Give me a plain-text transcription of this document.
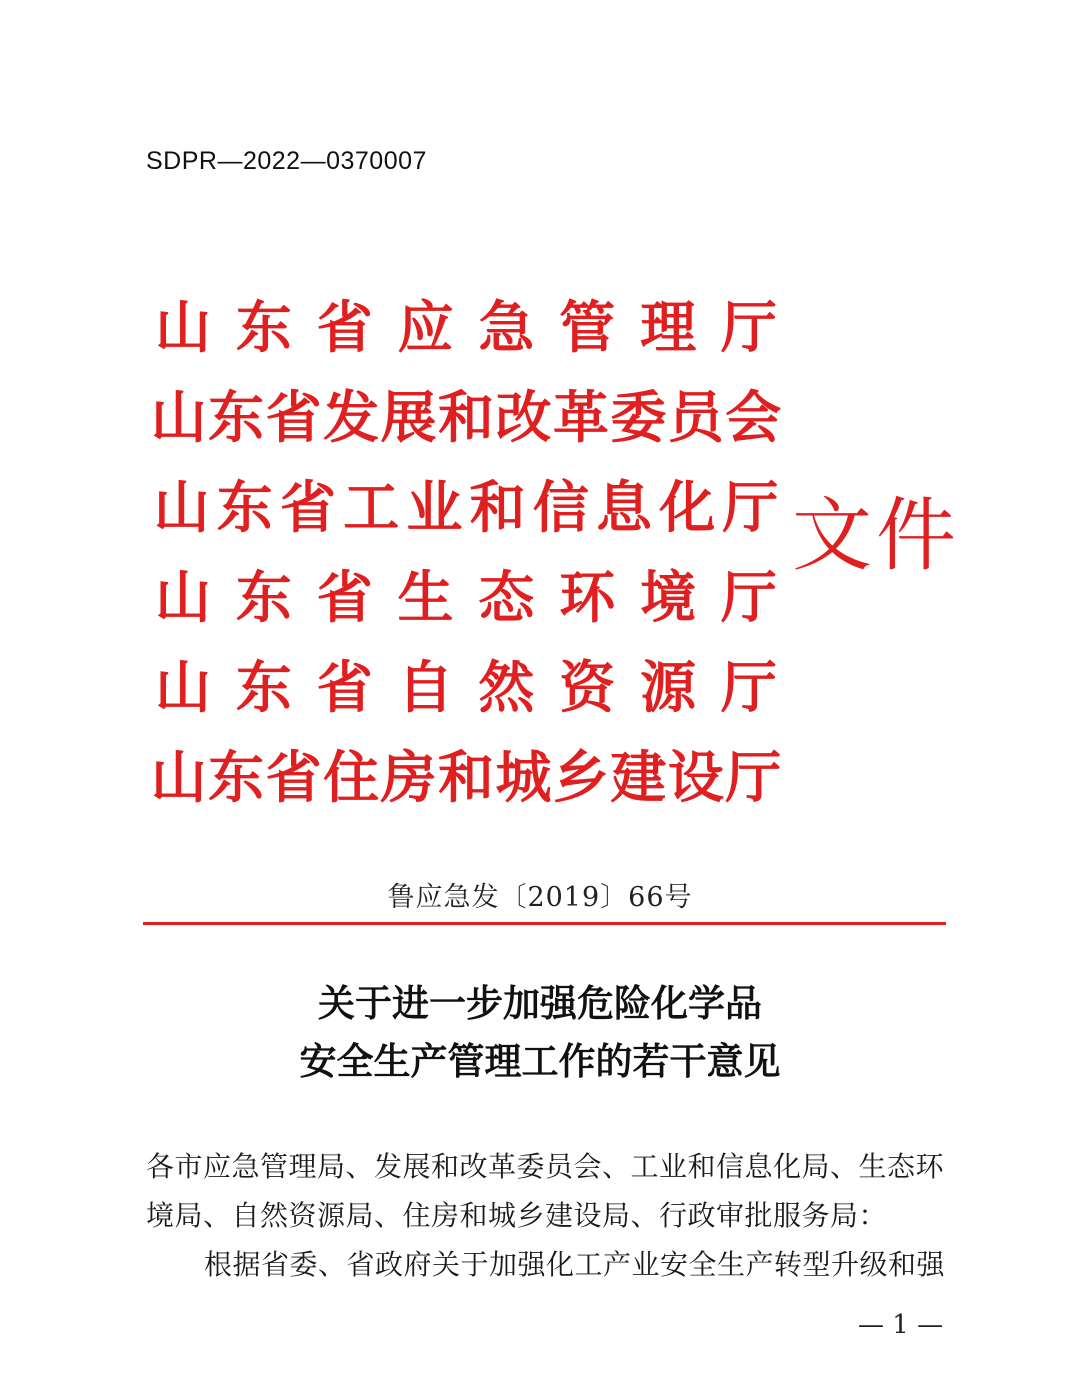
SDPR—2022—0370007
山 东 省 应 急 管 理 厅
山 东 省 发 展 和 改 革 委 员 会
山 东 省 工 业 和 信 息 化 厅
山 东 省 生 态 环 境 厅
山 东 省 自 然 资 源 厅
山 东 省 住 房 和 城 乡 建 设 厅
文件
鲁应急发〔2019〕66号
关于进一步加强危险化学品
安全生产管理工作的若干意见
各市应急管理局、发展和改革委员会、工业和信息化局、生态环
境局、自然资源局、住房和城乡建设局、行政审批服务局：
根据省委、省政府关于加强化工产业安全生产转型升级和强
— 1 —
